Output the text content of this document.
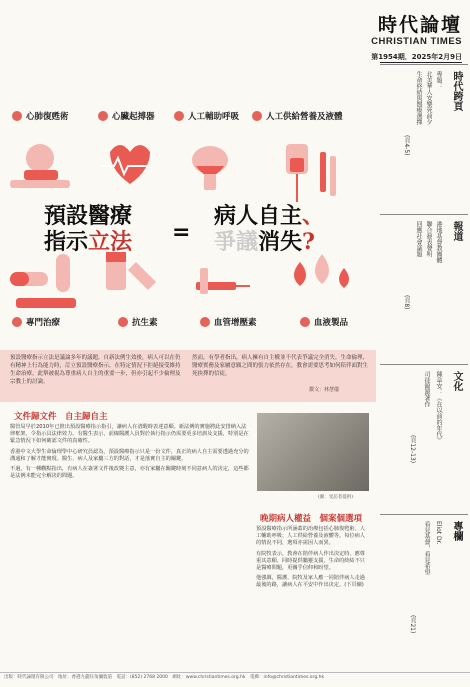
時代論壇
CHRISTIAN TIMES
第1954期．2025年2月9日
時代跨頁
專題：
北美華人安樂死前夕
生命終結與醫療選擇
(頁4-5)
報道
港地基督教團體
聯合發表聲明
回應社會議題
(頁8)
文化
陳韋安：《在以前的年代》
司徒錦源著作
(頁12-13)
專欄
Eliot Dr.
看見基督，看見希望
(頁21)
心肺復甦術	心臟起搏器	人工輔助呼吸	人工供給營養及液體
預設醫療
指示立法 =
病人自主、
爭議消失?
專門治療	抗生素	血管增壓素	血液製品
預設醫療指示立法是議論多年的議題，自新法例生效後，病人可以在仍有精神上行為能力時，訂立預設醫療指示，在特定情況下拒絕接受維持生命治療。此舉被視為尊重病人自主的重要一步，但亦引起不少倫理及宗教上的討論。
然而，有學者指出，病人擁有自主權並不代表爭議完全消失。生命倫理、醫療實務及家屬意願之間的張力依然存在，教會需要思考如何陪伴面對生死抉擇的信徒。
撰文：林慧儀
文件歸文件　自主歸自主

醫管局早於2010年已推出預設醫療指示指引，讓病人在清醒時表達意願。新法例的實施將此安排納入法律框架，令指示具法律效力。有醫生表示，前線醫護人員對於執行指示仍需要更多培訓及支援，特別是在緊急情況下如何確認文件的真確性。

香港中文大學生命倫理學中心研究員認為，預設醫療指示只是一份文件，真正的病人自主需要透過充分的溝通和了解才能實現。醫生、病人及家屬三方的對話，才是落實自主的關鍵。

不過，有一種觀點指出，有病人在簽署文件後改變主意，亦有家屬在關鍵時刻不同意病人的決定，這些都是法例未能完全解決的問題。

(圖：受訪者提供)
晚期病人權益　個案個選項

預設醫療指示所涵蓋的治療包括心肺復甦術、人工輔助呼吸、人工供給營養及液體等。每位病人的情況不同，選項亦需因人而異。

有院牧表示，教會在陪伴病人作出決定時，應尊重其意願，同時提供屬靈支援。生命的終結不只是醫療問題，更關乎信仰和盼望。

他強調，醫護、院牧及家人應一同陪伴病人走過最後的路，讓病人在平安中作出決定。(下頁續)

出版：時代論壇有限公司　地址：香港九龍旺角彌敦道　電話：(852) 2768 2000　網址：www.christiantimes.org.hk　電郵：info@christiantimes.org.hk
